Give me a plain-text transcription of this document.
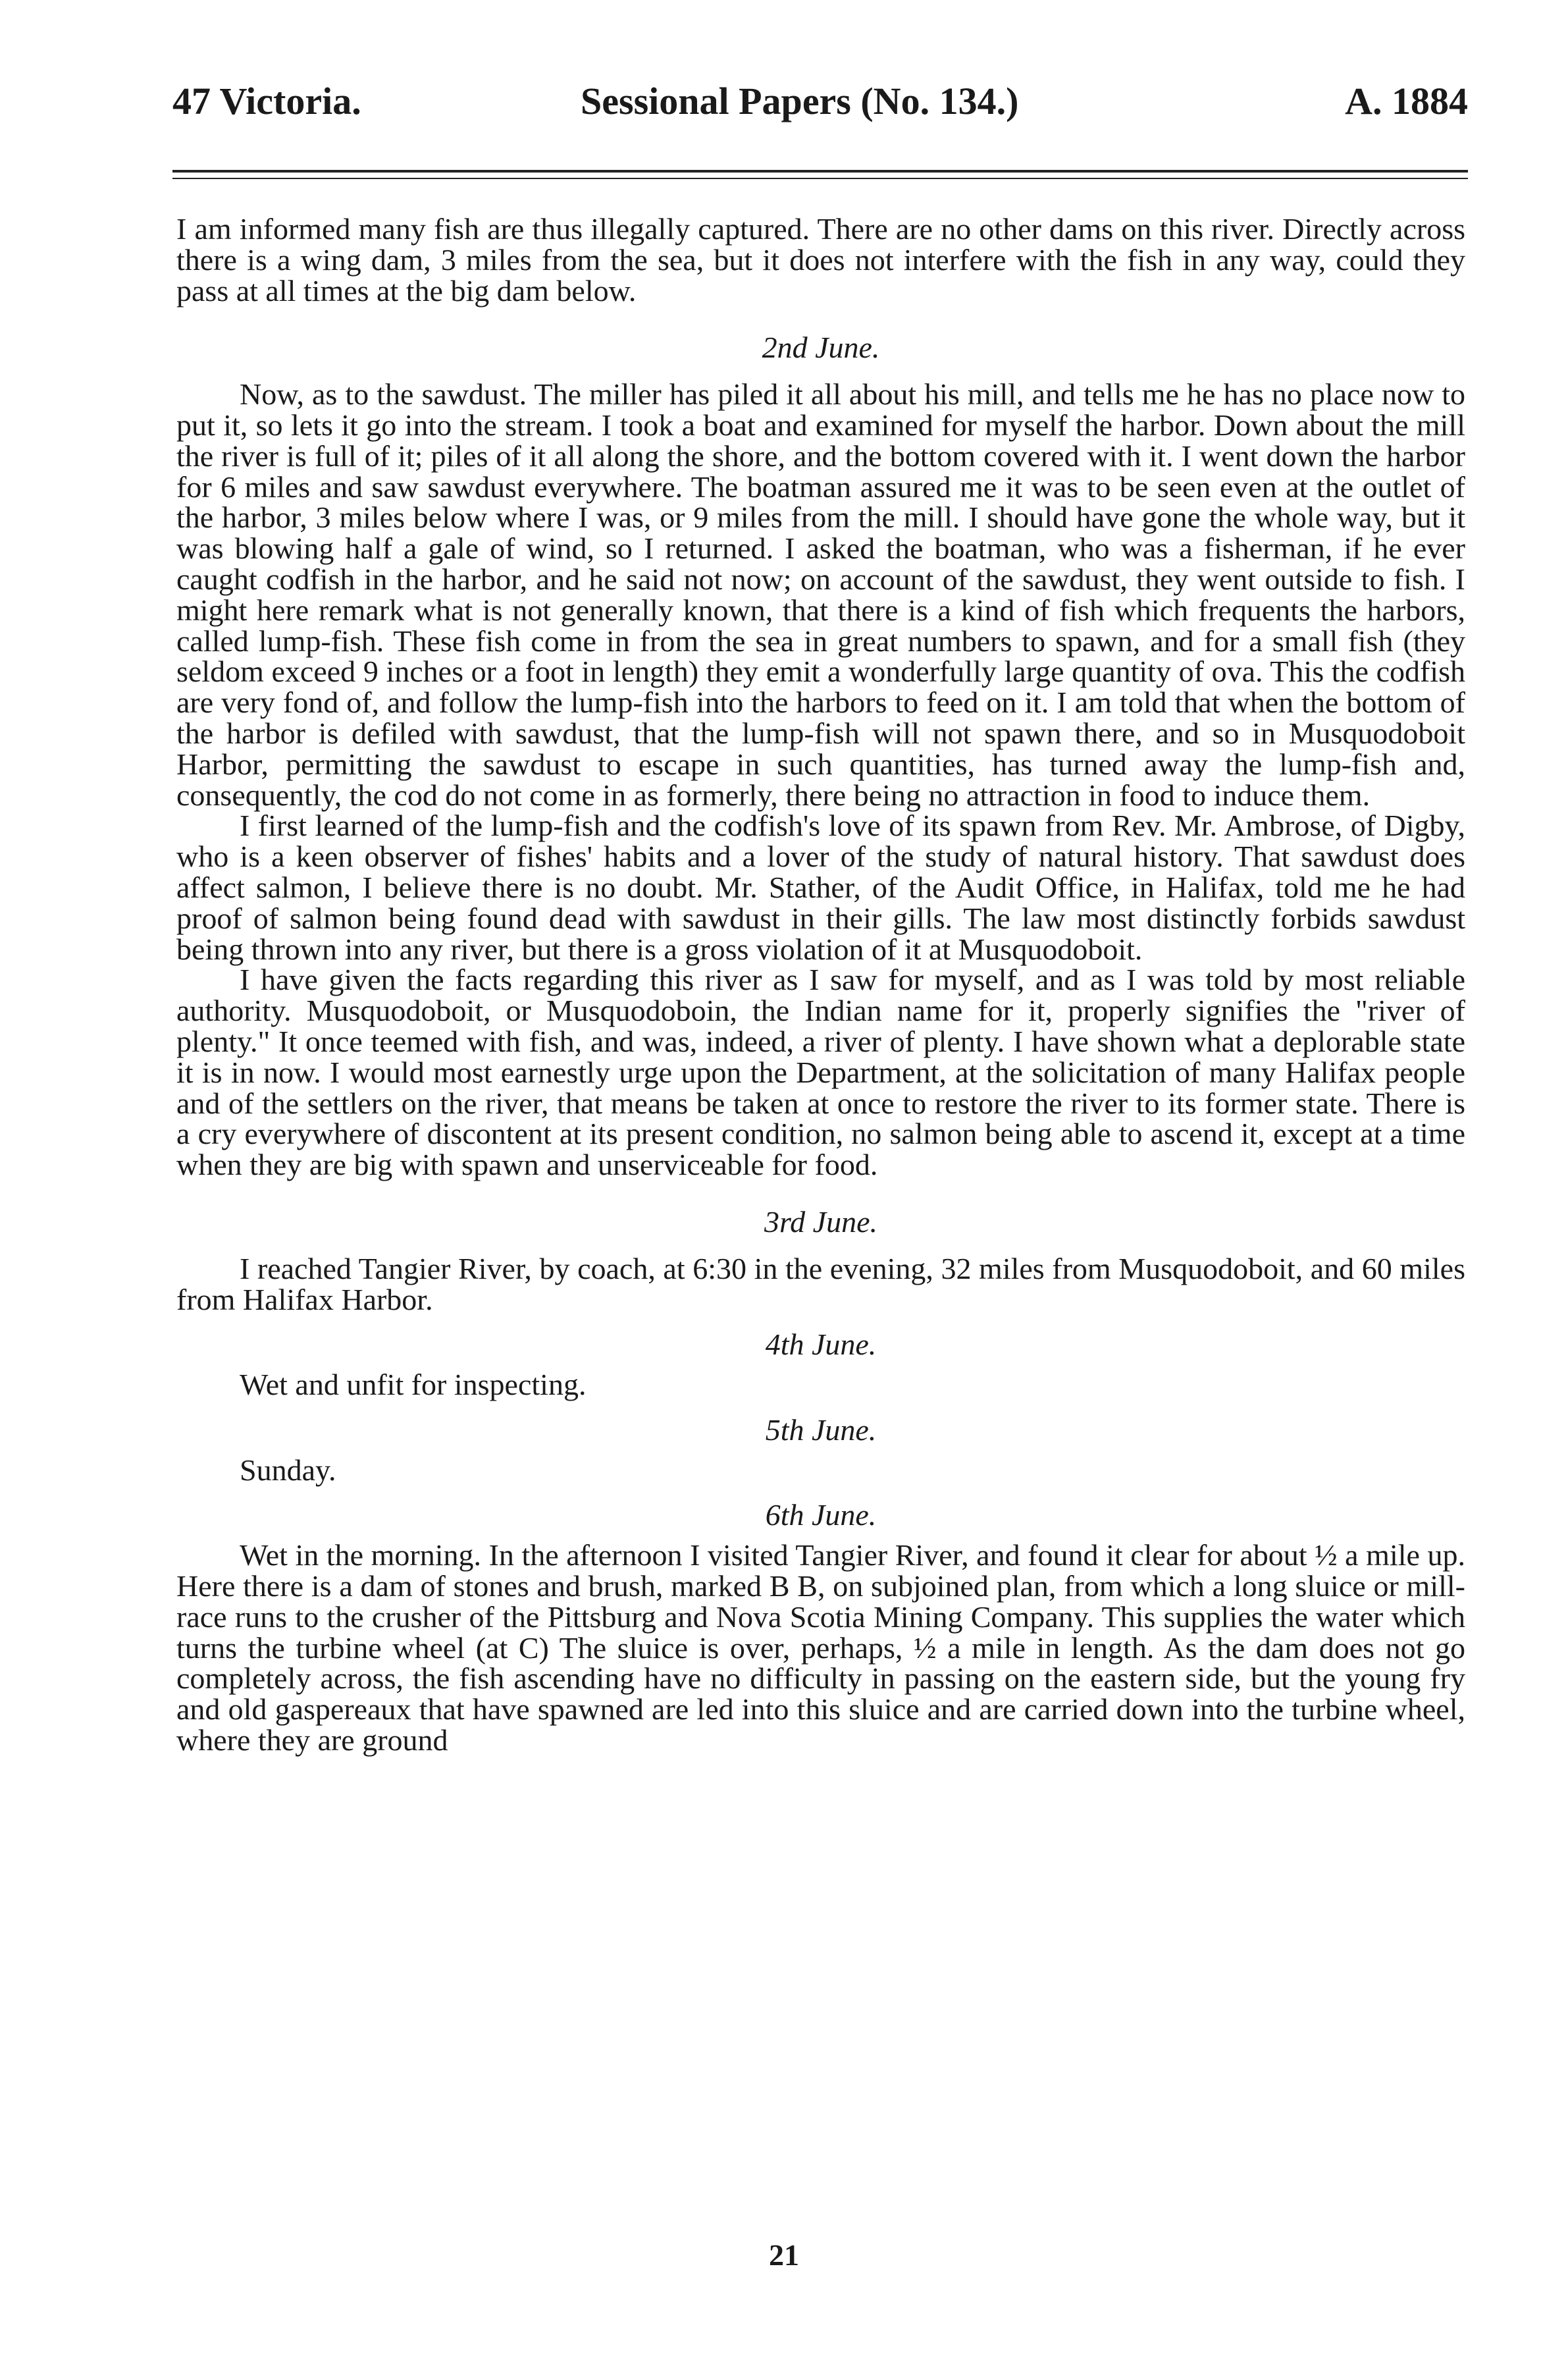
47 Victoria.	Sessional Papers (No. 134.)	A. 1884

I am informed many fish are thus illegally captured. There are no other dams on this river. Directly across there is a wing dam, 3 miles from the sea, but it does not interfere with the fish in any way, could they pass at all times at the big dam below.

2nd June.

Now, as to the sawdust. The miller has piled it all about his mill, and tells me he has no place now to put it, so lets it go into the stream. I took a boat and examined for myself the harbor. Down about the mill the river is full of it; piles of it all along the shore, and the bottom covered with it. I went down the harbor for 6 miles and saw sawdust everywhere. The boatman assured me it was to be seen even at the outlet of the harbor, 3 miles below where I was, or 9 miles from the mill. I should have gone the whole way, but it was blowing half a gale of wind, so I returned. I asked the boatman, who was a fisherman, if he ever caught codfish in the harbor, and he said not now; on account of the sawdust, they went outside to fish. I might here remark what is not generally known, that there is a kind of fish which frequents the harbors, called lump-fish. These fish come in from the sea in great numbers to spawn, and for a small fish (they seldom exceed 9 inches or a foot in length) they emit a wonderfully large quantity of ova. This the codfish are very fond of, and follow the lump-fish into the harbors to feed on it. I am told that when the bottom of the harbor is defiled with sawdust, that the lump-fish will not spawn there, and so in Musquodoboit Harbor, permitting the sawdust to escape in such quantities, has turned away the lump-fish and, consequently, the cod do not come in as formerly, there being no attraction in food to induce them.

I first learned of the lump-fish and the codfish's love of its spawn from Rev. Mr. Ambrose, of Digby, who is a keen observer of fishes' habits and a lover of the study of natural history. That sawdust does affect salmon, I believe there is no doubt. Mr. Stather, of the Audit Office, in Halifax, told me he had proof of salmon being found dead with sawdust in their gills. The law most distinctly forbids sawdust being thrown into any river, but there is a gross violation of it at Musquodoboit.

I have given the facts regarding this river as I saw for myself, and as I was told by most reliable authority. Musquodoboit, or Musquodoboin, the Indian name for it, properly signifies the "river of plenty." It once teemed with fish, and was, indeed, a river of plenty. I have shown what a deplorable state it is in now. I would most earnestly urge upon the Department, at the solicitation of many Halifax people and of the settlers on the river, that means be taken at once to restore the river to its former state. There is a cry everywhere of discontent at its present condition, no salmon being able to ascend it, except at a time when they are big with spawn and unserviceable for food.

3rd June.

I reached Tangier River, by coach, at 6:30 in the evening, 32 miles from Musquodoboit, and 60 miles from Halifax Harbor.

4th June.

Wet and unfit for inspecting.

5th June.

Sunday.

6th June.

Wet in the morning. In the afternoon I visited Tangier River, and found it clear for about ½ a mile up. Here there is a dam of stones and brush, marked B B, on subjoined plan, from which a long sluice or mill-race runs to the crusher of the Pittsburg and Nova Scotia Mining Company. This supplies the water which turns the turbine wheel (at C) The sluice is over, perhaps, ½ a mile in length. As the dam does not go completely across, the fish ascending have no difficulty in passing on the eastern side, but the young fry and old gaspereaux that have spawned are led into this sluice and are carried down into the turbine wheel, where they are ground

21
